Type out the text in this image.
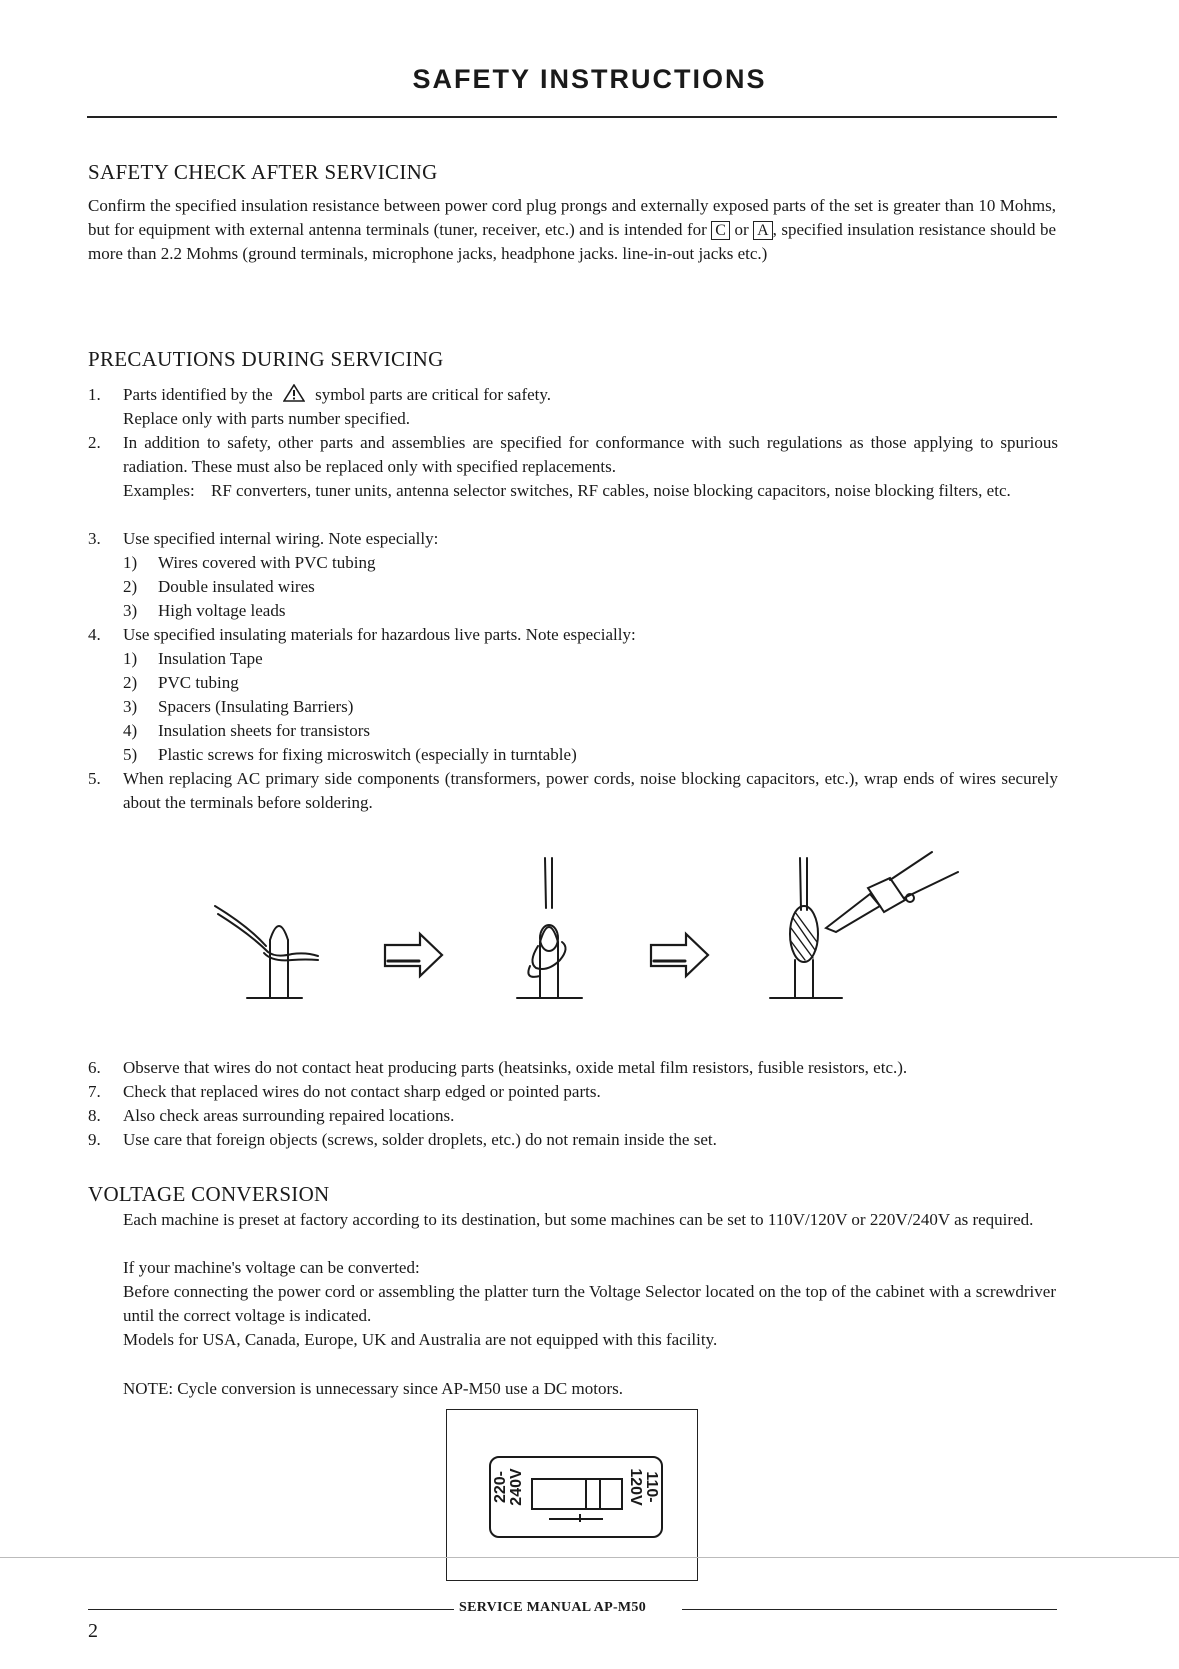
SAFETY INSTRUCTIONS
SAFETY CHECK AFTER SERVICING

Confirm the specified insulation resistance between power cord plug prongs and externally exposed parts of the set is greater than 10 Mohms, but for equipment with external antenna terminals (tuner, receiver, etc.) and is intended for C or A , specified insulation resistance should be more than 2.2 Mohms (ground terminals, microphone jacks, headphone jacks. line-in-out jacks etc.)

PRECAUTIONS DURING SERVICING
1. Parts identified by the	symbol parts are critical for safety.
Replace only with parts number specified.
2. In addition to safety, other parts and assemblies are specified for conformance with such regulations as those applying to spurious radiation. These must also be replaced only with specified replacements.
Examples: RF converters, tuner units, antenna selector switches, RF cables, noise blocking capacitors, noise blocking filters, etc.
3. Use specified internal wiring. Note especially:
1) Wires covered with PVC tubing
2) Double insulated wires
3) High voltage leads
4. Use specified insulating materials for hazardous live parts. Note especially:
1) Insulation Tape
2) PVC tubing
3) Spacers (Insulating Barriers)
4) Insulation sheets for transistors
5) Plastic screws for fixing microswitch (especially in turntable)
5. When replacing AC primary side components (transformers, power cords, noise blocking capacitors, etc.), wrap ends of wires securely about the terminals before soldering.
6. Observe that wires do not contact heat producing parts (heatsinks, oxide metal film resistors, fusible resistors, etc.).
7. Check that replaced wires do not contact sharp edged or pointed parts.
8. Also check areas surrounding repaired locations.
9. Use care that foreign objects (screws, solder droplets, etc.) do not remain inside the set.
VOLTAGE CONVERSION

Each machine is preset at factory according to its destination, but some machines can be set to 110V/120V or 220V/240V as required.

If your machine's voltage can be converted:

Before connecting the power cord or assembling the platter turn the Voltage Selector located on the top of the cabinet with a screwdriver until the correct voltage is indicated.

Models for USA, Canada, Europe, UK and Australia are not equipped with this facility.

NOTE: Cycle conversion is unnecessary since AP-M50 use a DC motors.

220-240V	110-120V
SERVICE MANUAL AP-M50
2
